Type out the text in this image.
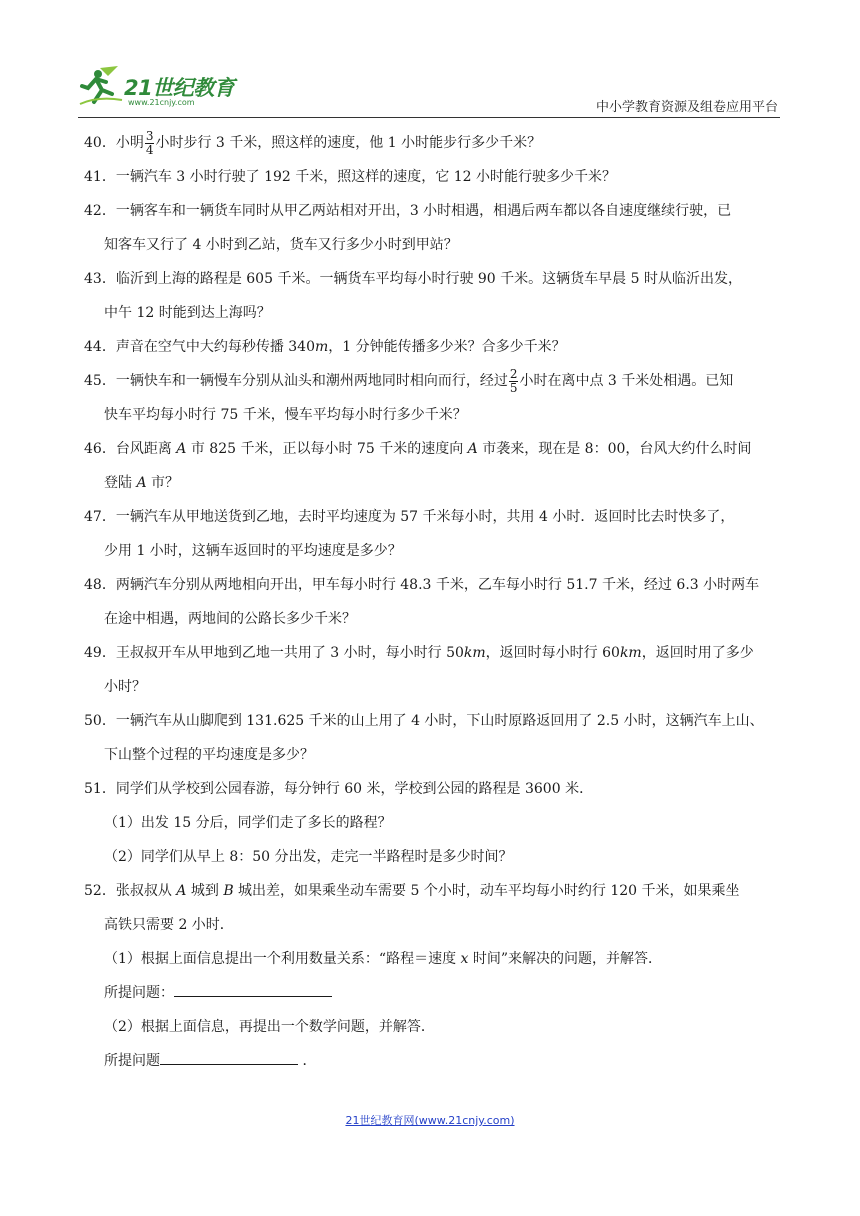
21世纪教育
www.21cnjy.com	中小学教育资源及组卷应用平台

40．小明 $\frac{3}{4}$ 小时步行 3 千米，照这样的速度，他 1 小时能步行多少千米？

41．一辆汽车 3 小时行驶了 192 千米，照这样的速度，它 12 小时能行驶多少千米？

42．一辆客车和一辆货车同时从甲乙两站相对开出，3 小时相遇，相遇后两车都以各自速度继续行驶，已
知客车又行了 4 小时到乙站，货车又行多少小时到甲站？

43．临沂到上海的路程是 605 千米。一辆货车平均每小时行驶 90 千米。这辆货车早晨 5 时从临沂出发，
中午 12 时能到达上海吗？

44．声音在空气中大约每秒传播 340m，1 分钟能传播多少米？合多少千米？

45．一辆快车和一辆慢车分别从汕头和潮州两地同时相向而行，经过 $\frac{2}{5}$ 小时在离中点 3 千米处相遇。已知
快车平均每小时行 75 千米，慢车平均每小时行多少千米？

46．台风距离 A 市 825 千米，正以每小时 75 千米的速度向 A 市袭来，现在是 8：00，台风大约什么时间
登陆 A 市？

47．一辆汽车从甲地送货到乙地，去时平均速度为 57 千米每小时，共用 4 小时．返回时比去时快多了，
少用 1 小时，这辆车返回时的平均速度是多少？

48．两辆汽车分别从两地相向开出，甲车每小时行 48.3 千米，乙车每小时行 51.7 千米，经过 6.3 小时两车
在途中相遇，两地间的公路长多少千米？

49．王叔叔开车从甲地到乙地一共用了 3 小时，每小时行 50km，返回时每小时行 60km，返回时用了多少
小时？

50．一辆汽车从山脚爬到 131.625 千米的山上用了 4 小时，下山时原路返回用了 2.5 小时，这辆汽车上山、
下山整个过程的平均速度是多少？

51．同学们从学校到公园春游，每分钟行 60 米，学校到公园的路程是 3600 米．

（1）出发 15 分后，同学们走了多长的路程？

（2）同学们从早上 8：50 分出发，走完一半路程时是多少时间？

52．张叔叔从 A 城到 B 城出差，如果乘坐动车需要 5 个小时，动车平均每小时约行 120 千米，如果乘坐
高铁只需要 2 小时．

（1）根据上面信息提出一个利用数量关系：“路程＝速度 x 时间”来解决的问题，并解答．

所提问题：

（2）根据上面信息，再提出一个数学问题，并解答．

所提问题	．

21世纪教育网(www.21cnjy.com)
